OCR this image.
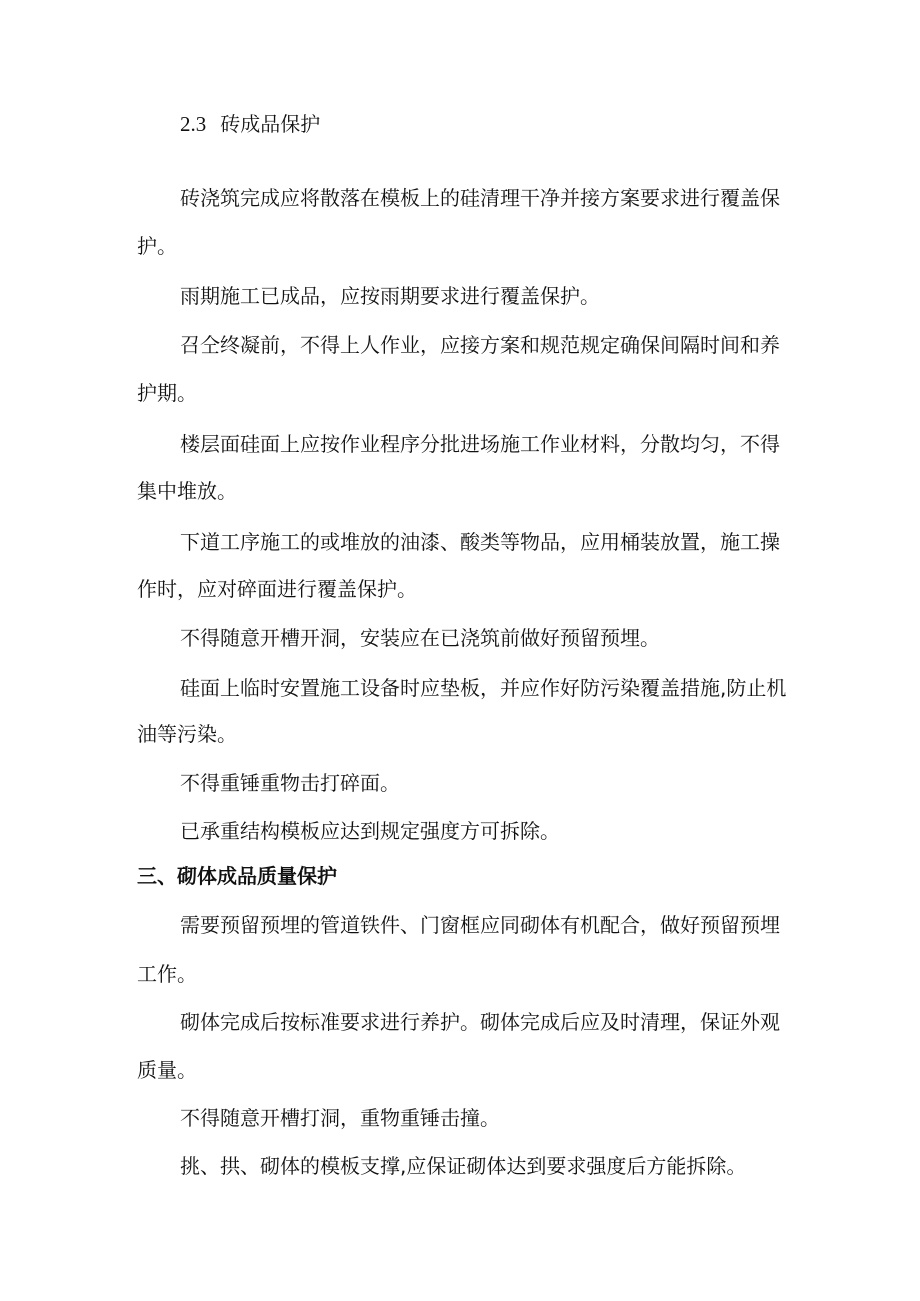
2.3 砖成品保护
砖浇筑完成应将散落在模板上的硅清理干净并接方案要求进行覆盖保
护。
雨期施工已成品，应按雨期要求进行覆盖保护。
召仝终凝前，不得上人作业，应接方案和规范规定确保间隔时间和养
护期。
楼层面硅面上应按作业程序分批进场施工作业材料，分散均匀，不得
集中堆放。
下道工序施工的或堆放的油漆、酸类等物品，应用桶装放置，施工操
作时，应对碎面进行覆盖保护。
不得随意开槽开洞，安装应在已浇筑前做好预留预埋。
硅面上临时安置施工设备时应垫板，并应作好防污染覆盖措施,防止机
油等污染。
不得重锤重物击打碎面。
已承重结构模板应达到规定强度方可拆除。
三、砌体成品质量保护
需要预留预埋的管道铁件、门窗框应同砌体有机配合，做好预留预埋
工作。
砌体完成后按标准要求进行养护。砌体完成后应及时清理，保证外观
质量。
不得随意开槽打洞，重物重锤击撞。
挑、拱、砌体的模板支撑,应保证砌体达到要求强度后方能拆除。
